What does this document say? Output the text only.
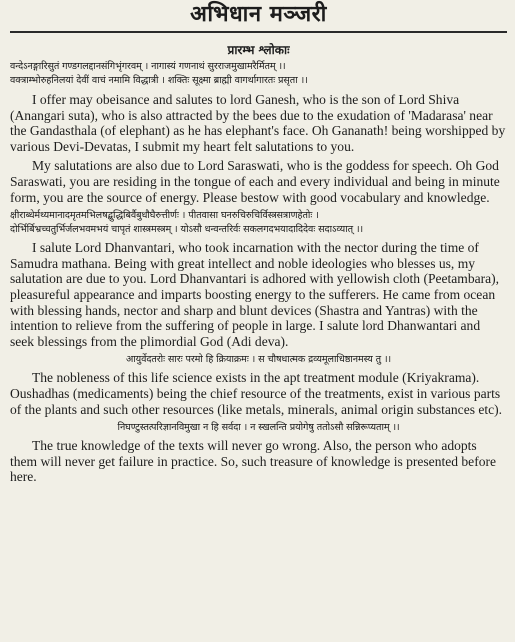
अभिधान मञ्जरी
प्रारम्भ श्लोकाः

वन्देऽनङ्गारिसुतं गण्डगलद्दानसंगिभृंगरवम् । नागास्यं गणनाथं सुरराजमुखामरैर्मितम् ।।

वक्त्राम्भोरुहनिलयां देवीं वाचं नमामि विद्धात्री । शक्तिः सूक्ष्मा ब्राह्मी वागर्थागारतः प्रसृता ।।

I offer may obeisance and salutes to lord Ganesh, who is the son of Lord Shiva (Anangari suta), who is also attracted by the bees due to the exudation of 'Madarasa' near the Gandasthala (of elephant) as he has elephant's face. Oh Gananath! being worshipped by various Devi-Devatas, I submit my heart felt salutations to you.

My salutations are also due to Lord Saraswati, who is the goddess for speech. Oh God Saraswati, you are residing in the tongue of each and every individual and being in minute form, you are the source of energy. Please bestow with good vocabulary and knowledge.

क्षीराब्धेर्मथ्यमानादमृतमभिलषद्बुद्धिबिर्वैबुधौघैरुत्तीर्णः । पीतवासा घनरुचिरुचिर्विस्त्रसत्राणहेतोः ।

दोर्भिर्बिभ्रच्चतुर्भिर्जलभवमभयं चापृतं शास्त्रमस्त्रम् । योऽसौ धन्वन्तरिर्वः सकलगदभयादादिदेवः सदाऽव्यात् ।।

I salute Lord Dhanvantari, who took incarnation with the nector during the time of Samudra mathana. Being with great intellect and noble ideologies who blesses us, my salutation are due to you. Lord Dhanvantari is adhored with yellowish cloth (Peetambara), pleasureful appearance and imparts boosting energy to the sufferers. He came from ocean with blessing hands, nector and sharp and blunt devices (Shastra and Yantras) with the intention to relieve from the suffering of people in large. I salute lord Dhanwantari and seek blessings from the plimordial God (Adi deva).

आयुर्वेदतरोः सारः परमो हि क्रियाक्रमः । स चौषधात्मक द्रव्यमूलाधिष्ठानमस्य तु ।।

The nobleness of this life science exists in the apt treatment module (Kriyakrama). Oushadhas (medicaments) being the chief resource of the treatments, exist in various parts of the plants and such other resources (like metals, minerals, animal origin substances etc).

निघण्टुस्तत्परिज्ञानविमुखा न हि सर्वदा । न स्खलन्ति प्रयोगेषु ततोऽसौ सन्निरूप्यताम् ।।

The true knowledge of the texts will never go wrong. Also, the person who adopts them will never get failure in practice. So, such treasure of knowledge is presented before here.
